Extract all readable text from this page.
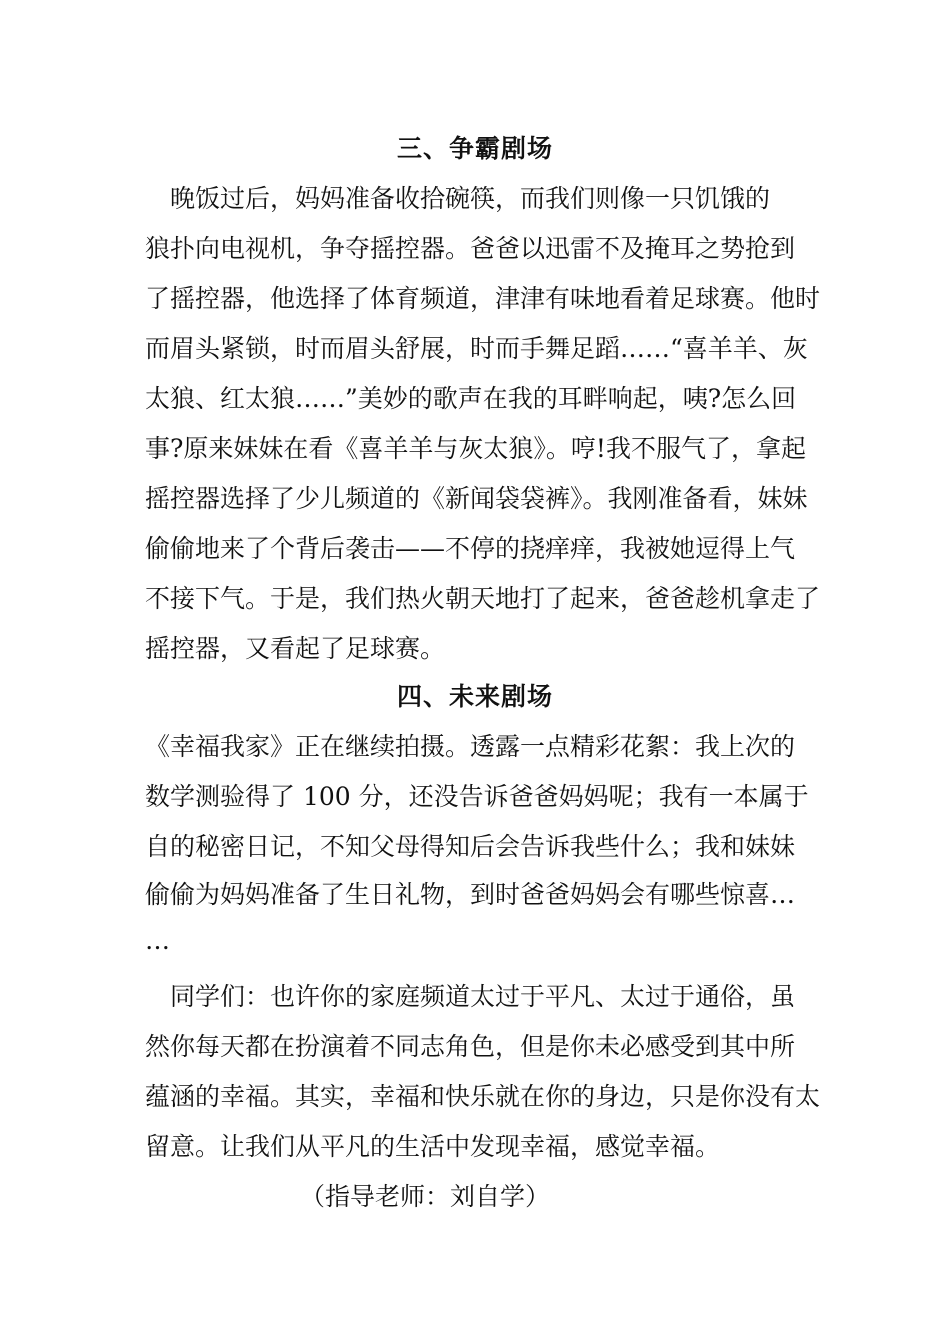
三、争霸剧场
　晚饭过后，妈妈准备收拾碗筷，而我们则像一只饥饿的
狼扑向电视机，争夺摇控器。爸爸以迅雷不及掩耳之势抢到
了摇控器，他选择了体育频道，津津有味地看着足球赛。他时
而眉头紧锁，时而眉头舒展，时而手舞足蹈……“喜羊羊、灰
太狼、红太狼……”美妙的歌声在我的耳畔响起，咦?怎么回
事?原来妹妹在看《喜羊羊与灰太狼》。哼!我不服气了，拿起
摇控器选择了少儿频道的《新闻袋袋裤》。我刚准备看，妹妹
偷偷地来了个背后袭击——不停的挠痒痒，我被她逗得上气
不接下气。于是，我们热火朝天地打了起来，爸爸趁机拿走了
摇控器，又看起了足球赛。
四、未来剧场
《幸福我家》正在继续拍摄。透露一点精彩花絮：我上次的
数学测验得了 100 分，还没告诉爸爸妈妈呢；我有一本属于
自的秘密日记，不知父母得知后会告诉我些什么；我和妹妹
偷偷为妈妈准备了生日礼物，到时爸爸妈妈会有哪些惊喜…
…
　同学们：也许你的家庭频道太过于平凡、太过于通俗，虽
然你每天都在扮演着不同志角色，但是你未必感受到其中所
蕴涵的幸福。其实，幸福和快乐就在你的身边，只是你没有太
留意。让我们从平凡的生活中发现幸福，感觉幸福。
（指导老师：刘自学）
